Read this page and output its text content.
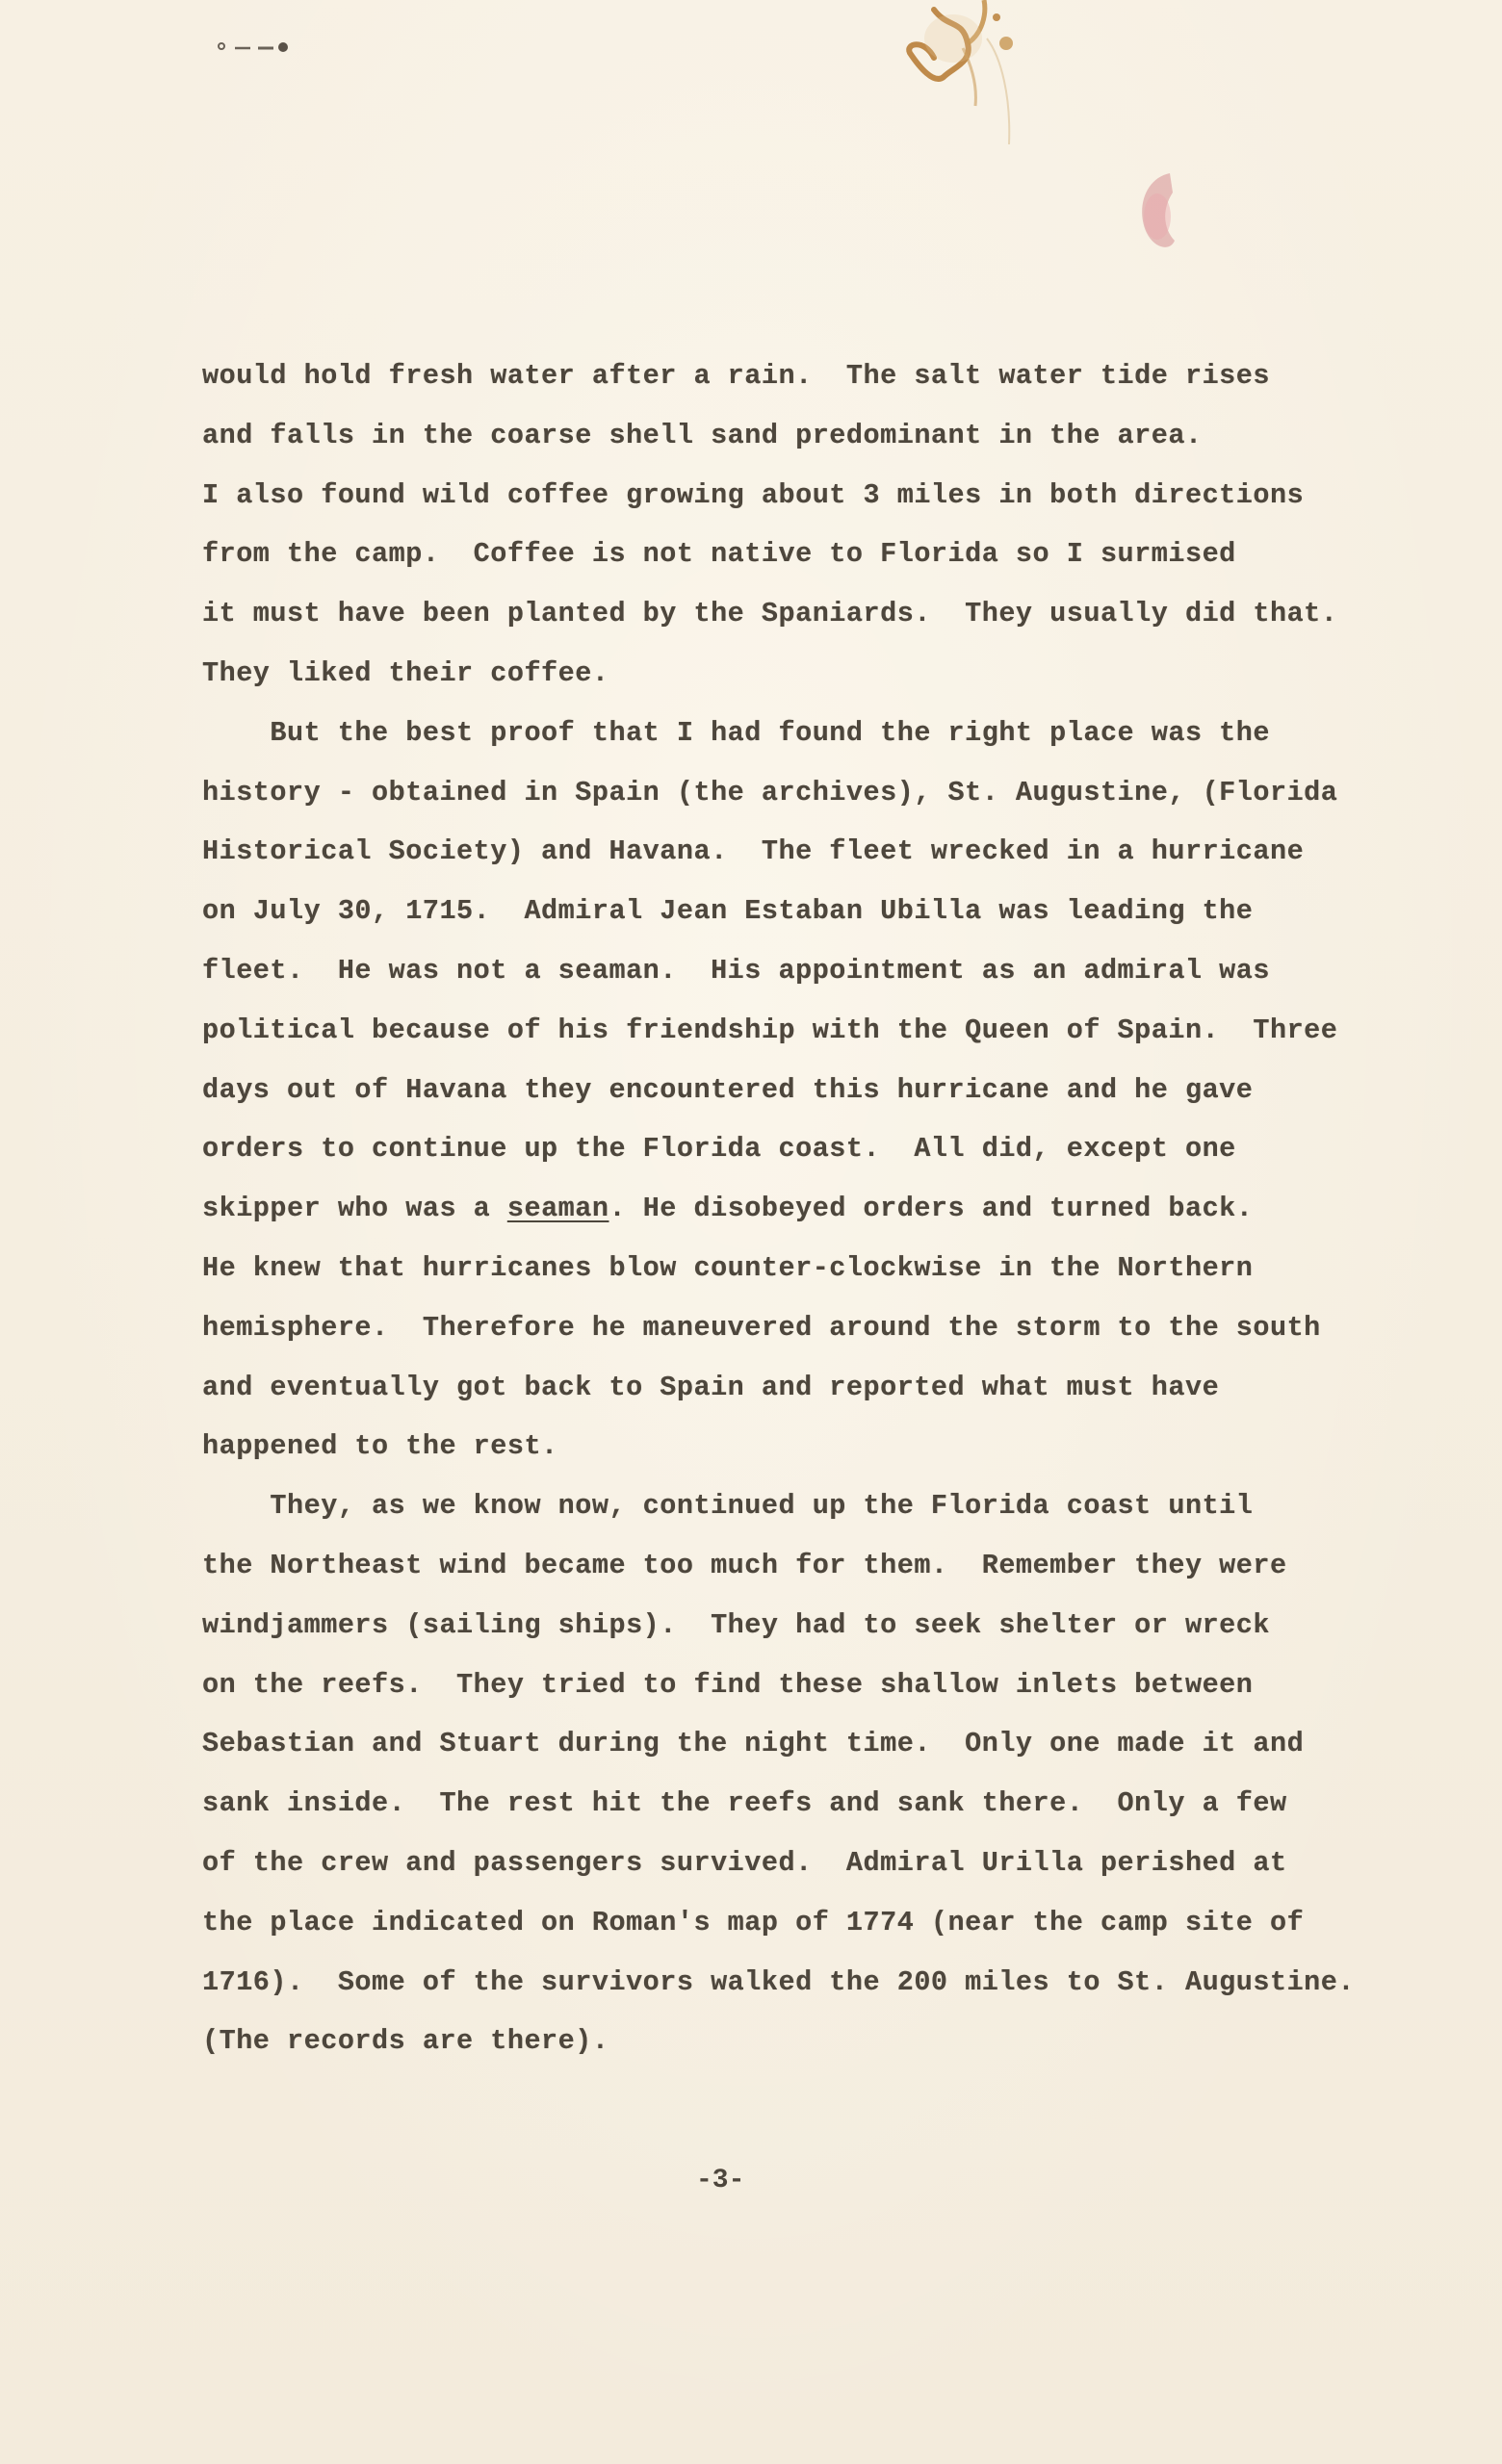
would hold fresh water after a rain.  The salt water tide rises
and falls in the coarse shell sand predominant in the area.
I also found wild coffee growing about 3 miles in both directions
from the camp.  Coffee is not native to Florida so I surmised
it must have been planted by the Spaniards.  They usually did that.
They liked their coffee.
But the best proof that I had found the right place was the
history - obtained in Spain (the archives), St. Augustine, (Florida
Historical Society) and Havana.  The fleet wrecked in a hurricane
on July 30, 1715.  Admiral Jean Estaban Ubilla was leading the
fleet.  He was not a seaman.  His appointment as an admiral was
political because of his friendship with the Queen of Spain.  Three
days out of Havana they encountered this hurricane and he gave
orders to continue up the Florida coast.  All did, except one
skipper who was a seaman. He disobeyed orders and turned back.
He knew that hurricanes blow counter-clockwise in the Northern
hemisphere.  Therefore he maneuvered around the storm to the south
and eventually got back to Spain and reported what must have
happened to the rest.
They, as we know now, continued up the Florida coast until
the Northeast wind became too much for them.  Remember they were
windjammers (sailing ships).  They had to seek shelter or wreck
on the reefs.  They tried to find these shallow inlets between
Sebastian and Stuart during the night time.  Only one made it and
sank inside.  The rest hit the reefs and sank there.  Only a few
of the crew and passengers survived.  Admiral Urilla perished at
the place indicated on Roman's map of 1774 (near the camp site of
1716).  Some of the survivors walked the 200 miles to St. Augustine.
(The records are there).
-3-
